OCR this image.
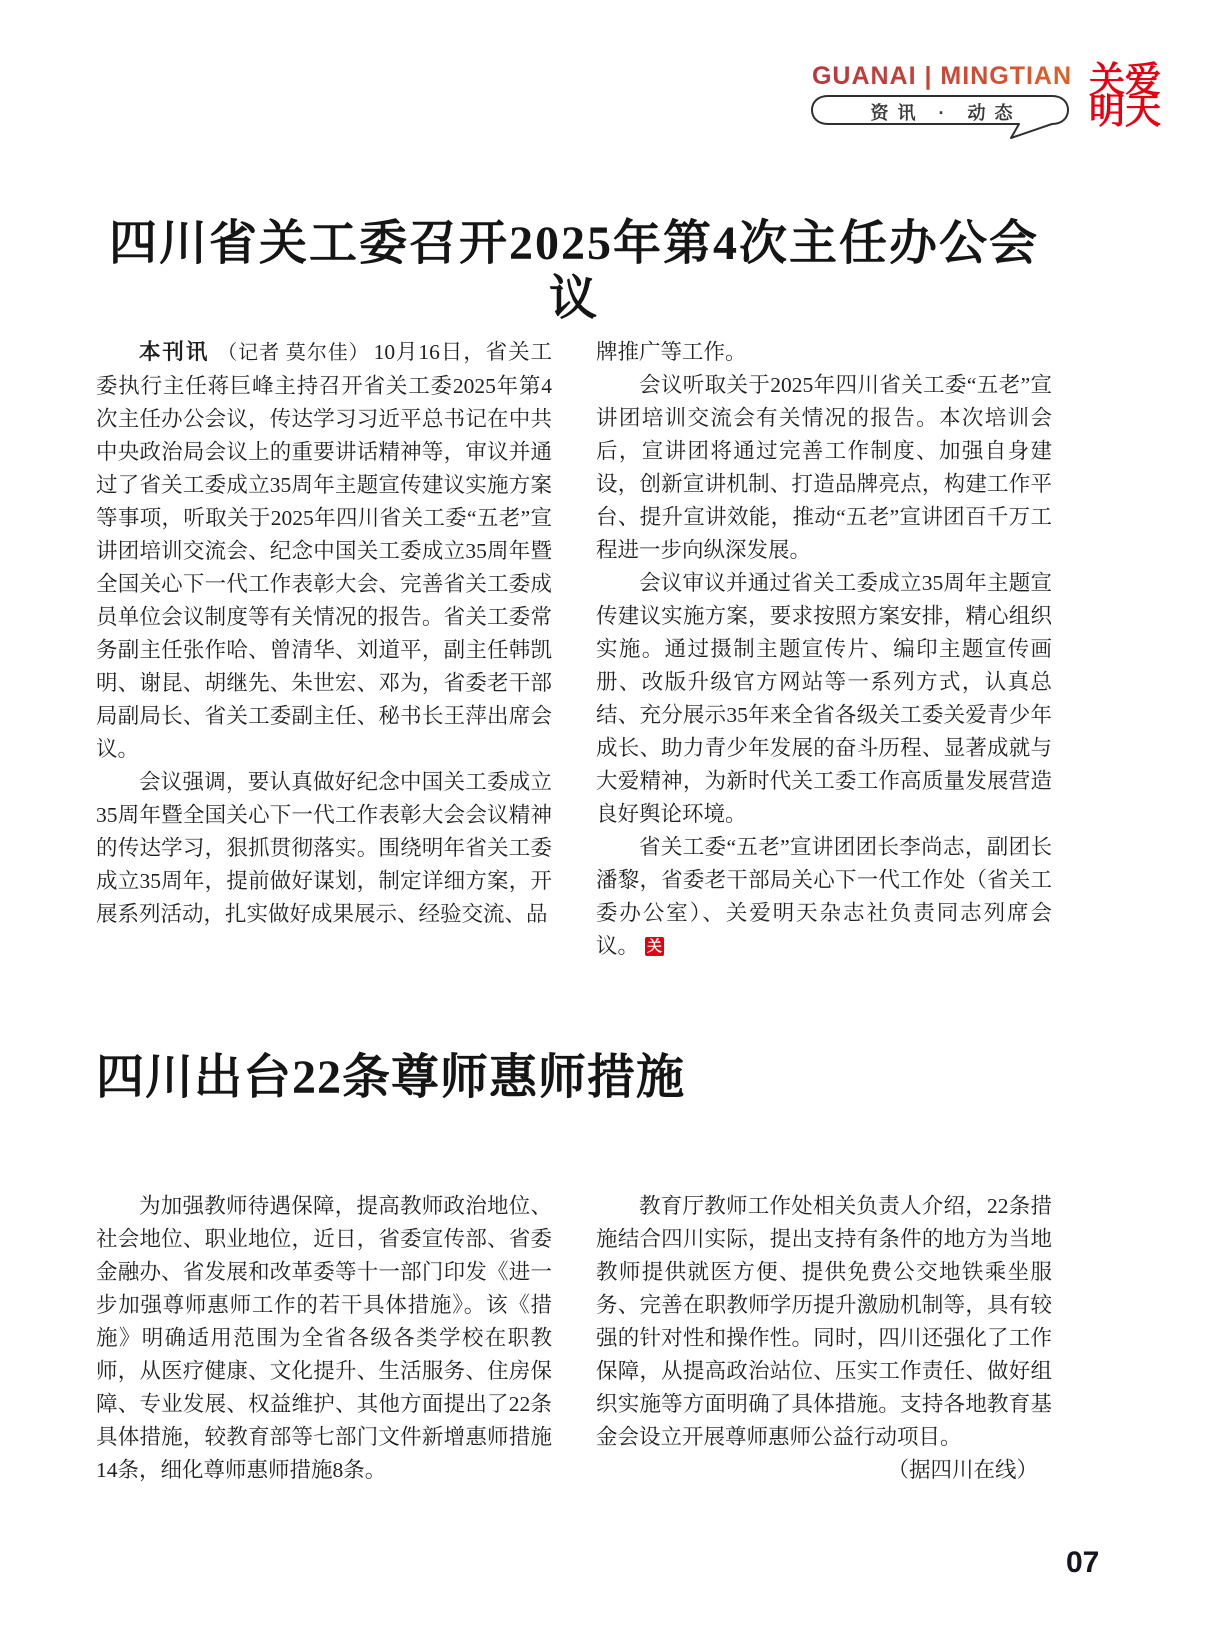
GUANAI | MINGTIAN
资讯 · 动态
关爱
明天
四川省关工委召开2025年第4次主任办公会议

本刊讯 （记者 莫尔佳） 10月16日，省关工委执行主任蒋巨峰主持召开省关工委2025年第4次主任办公会议，传达学习习近平总书记在中共中央政治局会议上的重要讲话精神等，审议并通过了省关工委成立35周年主题宣传建议实施方案等事项，听取关于2025年四川省关工委“五老”宣讲团培训交流会、纪念中国关工委成立35周年暨全国关心下一代工作表彰大会、完善省关工委成员单位会议制度等有关情况的报告。省关工委常务副主任张作哈、曾清华、刘道平，副主任韩凯明、谢昆、胡继先、朱世宏、邓为，省委老干部局副局长、省关工委副主任、秘书长王萍出席会议。

会议强调，要认真做好纪念中国关工委成立35周年暨全国关心下一代工作表彰大会会议精神的传达学习，狠抓贯彻落实。围绕明年省关工委成立35周年，提前做好谋划，制定详细方案，开展系列活动，扎实做好成果展示、经验交流、品

牌推广等工作。

会议听取关于2025年四川省关工委“五老”宣讲团培训交流会有关情况的报告。本次培训会后，宣讲团将通过完善工作制度、加强自身建设，创新宣讲机制、打造品牌亮点，构建工作平台、提升宣讲效能，推动“五老”宣讲团百千万工程进一步向纵深发展。

会议审议并通过省关工委成立35周年主题宣传建议实施方案，要求按照方案安排，精心组织实施。通过摄制主题宣传片、编印主题宣传画册、改版升级官方网站等一系列方式，认真总结、充分展示35年来全省各级关工委关爱青少年成长、助力青少年发展的奋斗历程、显著成就与大爱精神，为新时代关工委工作高质量发展营造良好舆论环境。

省关工委“五老”宣讲团团长李尚志，副团长潘黎，省委老干部局关心下一代工作处（省关工委办公室）、关爱明天杂志社负责同志列席会议。 关

四川出台22条尊师惠师措施

为加强教师待遇保障，提高教师政治地位、社会地位、职业地位，近日，省委宣传部、省委金融办、省发展和改革委等十一部门印发《进一步加强尊师惠师工作的若干具体措施》。该《措施》明确适用范围为全省各级各类学校在职教师，从医疗健康、文化提升、生活服务、住房保障、专业发展、权益维护、其他方面提出了22条具体措施，较教育部等七部门文件新增惠师措施14条，细化尊师惠师措施8条。

教育厅教师工作处相关负责人介绍，22条措施结合四川实际，提出支持有条件的地方为当地教师提供就医方便、提供免费公交地铁乘坐服务、完善在职教师学历提升激励机制等，具有较强的针对性和操作性。同时，四川还强化了工作保障，从提高政治站位、压实工作责任、做好组织实施等方面明确了具体措施。支持各地教育基金会设立开展尊师惠师公益行动项目。

（据四川在线）

07
